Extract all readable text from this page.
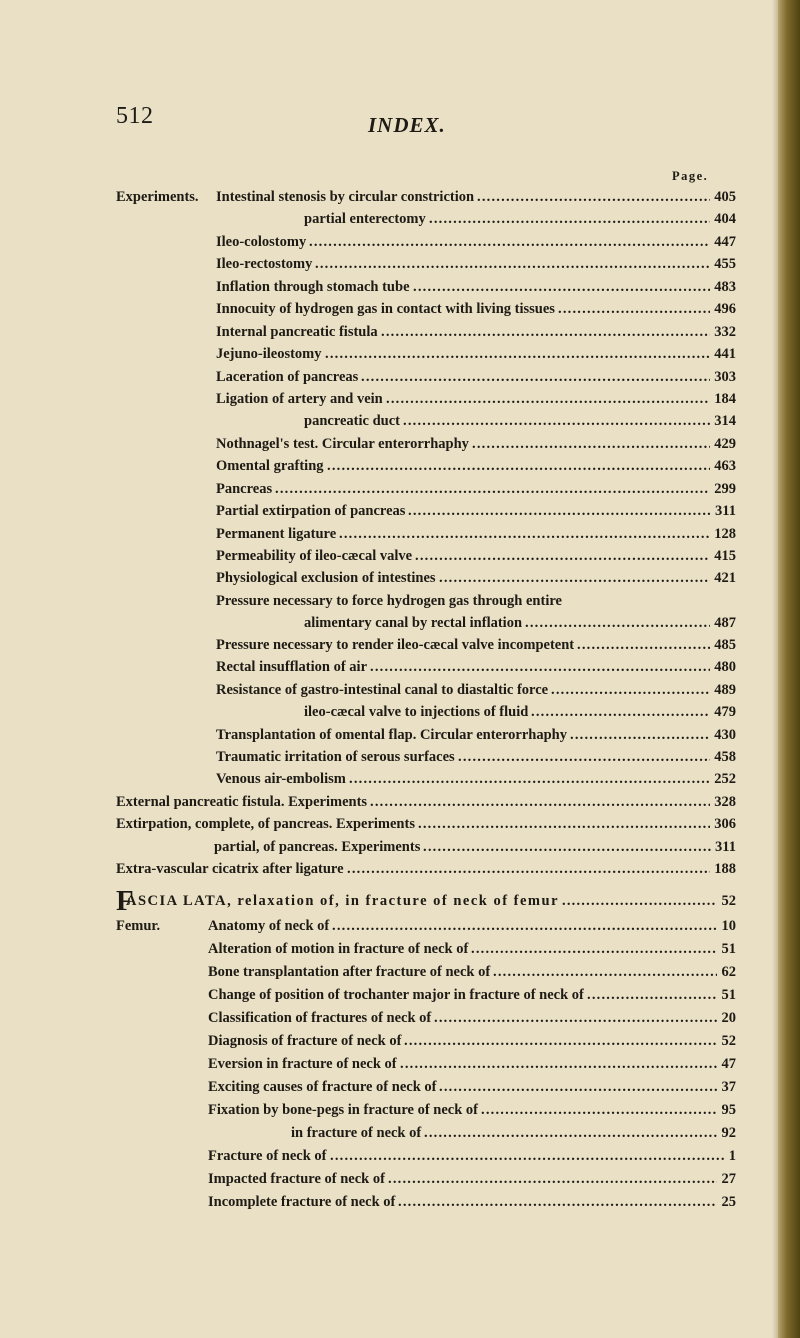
512	INDEX.
Page.
Experiments. Intestinal stenosis by circular constriction	405
.....
partial enterectomy	404
.....
Ileo-colostomy	447
.....
Ileo-rectostomy	455
.....
Inflation through stomach tube	483
.....
Innocuity of hydrogen gas in contact with living tissues	496
.....
Internal pancreatic fistula	332
.....
Jejuno-ileostomy	441
.....
Laceration of pancreas	303
.....
Ligation of artery and vein	184
.....
pancreatic duct	314
.....
Nothnagel's test. Circular enterorrhaphy	429
.....
Omental grafting	463
.....
Pancreas	299
.....
Partial extirpation of pancreas	311
.....
Permanent ligature	128
.....
Permeability of ileo-cæcal valve	415
.....
Physiological exclusion of intestines	421
.....
Pressure necessary to force hydrogen gas through entire
alimentary canal by rectal inflation	487
.....
Pressure necessary to render ileo-cæcal valve incompetent	485
.....
Rectal insufflation of air	480
.....
Resistance of gastro-intestinal canal to diastaltic force	489
.....
ileo-cæcal valve to injections of fluid	479
.....
Transplantation of omental flap. Circular enterorrhaphy	430
.....
Traumatic irritation of serous surfaces	458
.....
Venous air-embolism	252
.....
External pancreatic fistula. Experiments	328
.....
Extirpation, complete, of pancreas. Experiments	306
.....
partial, of pancreas. Experiments	311
.....
Extra-vascular cicatrix after ligature	188
.....
F
ASCIA LATA, relaxation of, in fracture of neck of femur	52
.....
Femur.	Anatomy of neck of	10
.....
Alteration of motion in fracture of neck of	51
.....
Bone transplantation after fracture of neck of	62
.....
Change of position of trochanter major in fracture of neck of	51
.....
Classification of fractures of neck of	20
.....
Diagnosis of fracture of neck of	52
.....
Eversion in fracture of neck of	47
.....
Exciting causes of fracture of neck of	37
.....
Fixation by bone-pegs in fracture of neck of	95
.....
in fracture of neck of	92
.....
Fracture of neck of	1
.....
Impacted fracture of neck of	27
.....
Incomplete fracture of neck of	25
.....
